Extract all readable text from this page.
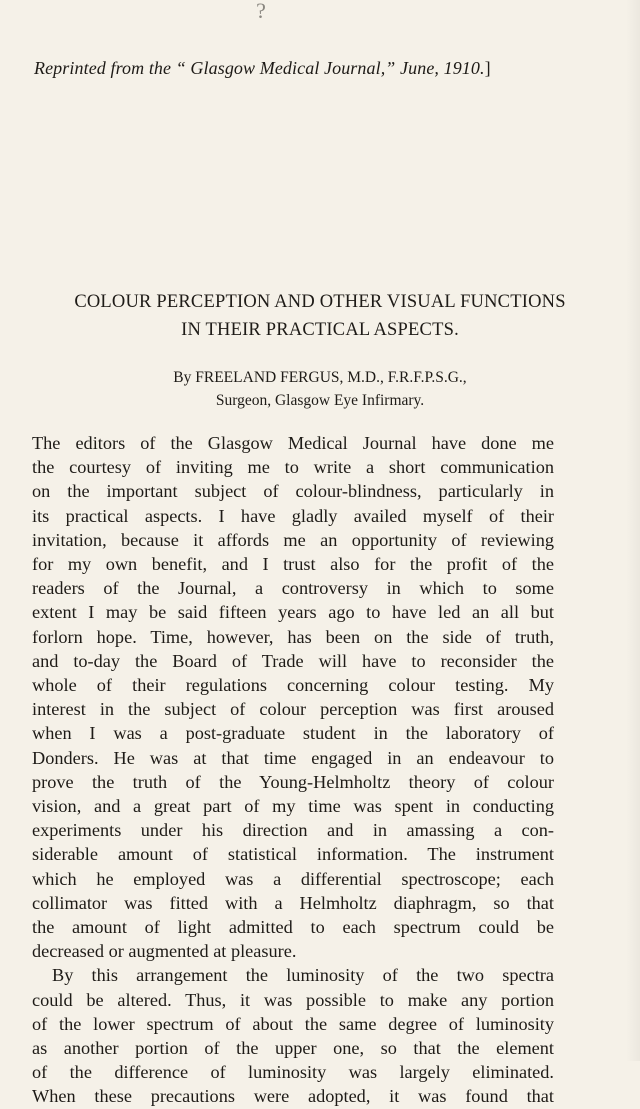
?
Reprinted from the “ Glasgow Medical Journal,” June, 1910.]
COLOUR PERCEPTION AND OTHER VISUAL FUNCTIONS
IN THEIR PRACTICAL ASPECTS.
By FREELAND FERGUS, M.D., F.R.F.P.S.G.,
Surgeon, Glasgow Eye Infirmary.
The editors of the Glasgow Medical Journal have done me
the courtesy of inviting me to write a short communication
on the important subject of colour-blindness, particularly in
its practical aspects. I have gladly availed myself of their
invitation, because it affords me an opportunity of reviewing
for my own benefit, and I trust also for the profit of the
readers of the Journal, a controversy in which to some
extent I may be said fifteen years ago to have led an all but
forlorn hope. Time, however, has been on the side of truth,
and to-day the Board of Trade will have to reconsider the
whole of their regulations concerning colour testing. My
interest in the subject of colour perception was first aroused
when I was a post-graduate student in the laboratory of
Donders. He was at that time engaged in an endeavour to
prove the truth of the Young-Helmholtz theory of colour
vision, and a great part of my time was spent in conducting
experiments under his direction and in amassing a con-
siderable amount of statistical information. The instrument
which he employed was a differential spectroscope; each
collimator was fitted with a Helmholtz diaphragm, so that
the amount of light admitted to each spectrum could be
decreased or augmented at pleasure.
By this arrangement the luminosity of the two spectra
could be altered. Thus, it was possible to make any portion
of the lower spectrum of about the same degree of luminosity
as another portion of the upper one, so that the element
of the difference of luminosity was largely eliminated.
When these precautions were adopted, it was found that
